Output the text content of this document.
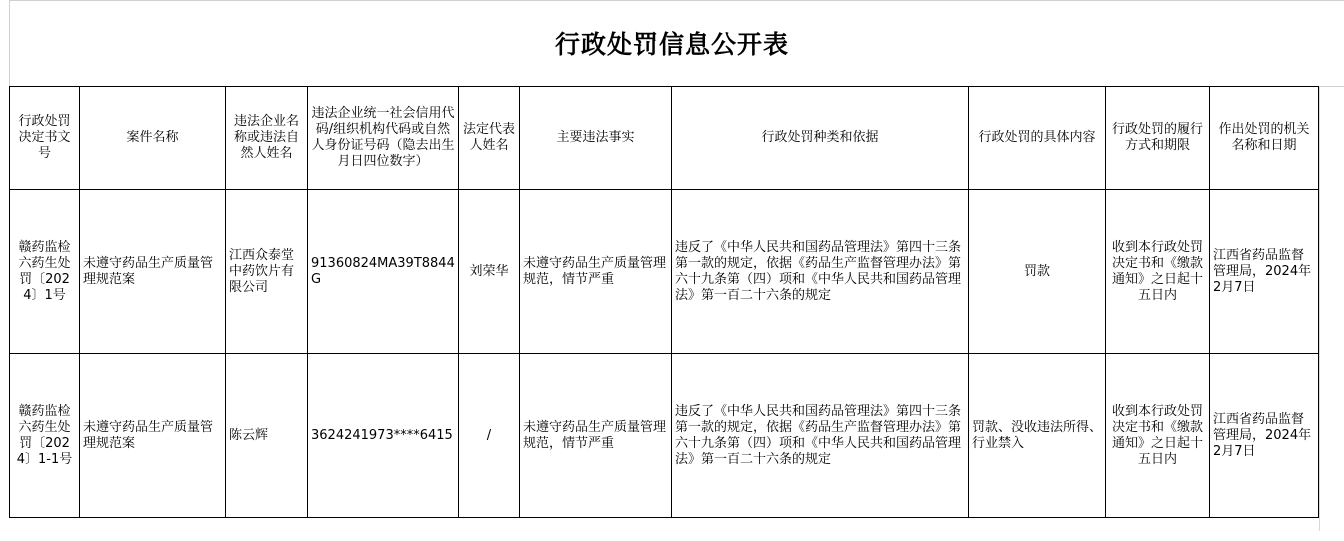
行政处罚信息公开表
行政处罚决定书文号	案件名称	违法企业名称或违法自然人姓名	违法企业统一社会信用代码/组织机构代码或自然人身份证号码（隐去出生月日四位数字）	法定代表人姓名	主要违法事实	行政处罚种类和依据	行政处罚的具体内容	行政处罚的履行方式和期限	作出处罚的机关名称和日期
赣药监检六药生处罚〔2024〕1号	未遵守药品生产质量管理规范案	江西众泰堂中药饮片有限公司	91360824MA39T8844G	刘荣华	未遵守药品生产质量管理规范，情节严重	违反了《中华人民共和国药品管理法》第四十三条第一款的规定，依据《药品生产监督管理办法》第六十九条第（四）项和《中华人民共和国药品管理法》第一百二十六条的规定	罚款	收到本行政处罚决定书和《缴款通知》之日起十五日内	江西省药品监督管理局，2024年2月7日
赣药监检六药生处罚〔2024〕1-1号	未遵守药品生产质量管理规范案	陈云辉	3624241973****6415	/	未遵守药品生产质量管理规范，情节严重	违反了《中华人民共和国药品管理法》第四十三条第一款的规定，依据《药品生产监督管理办法》第六十九条第（四）项和《中华人民共和国药品管理法》第一百二十六条的规定	罚款、没收违法所得、行业禁入	收到本行政处罚决定书和《缴款通知》之日起十五日内	江西省药品监督管理局，2024年2月7日
